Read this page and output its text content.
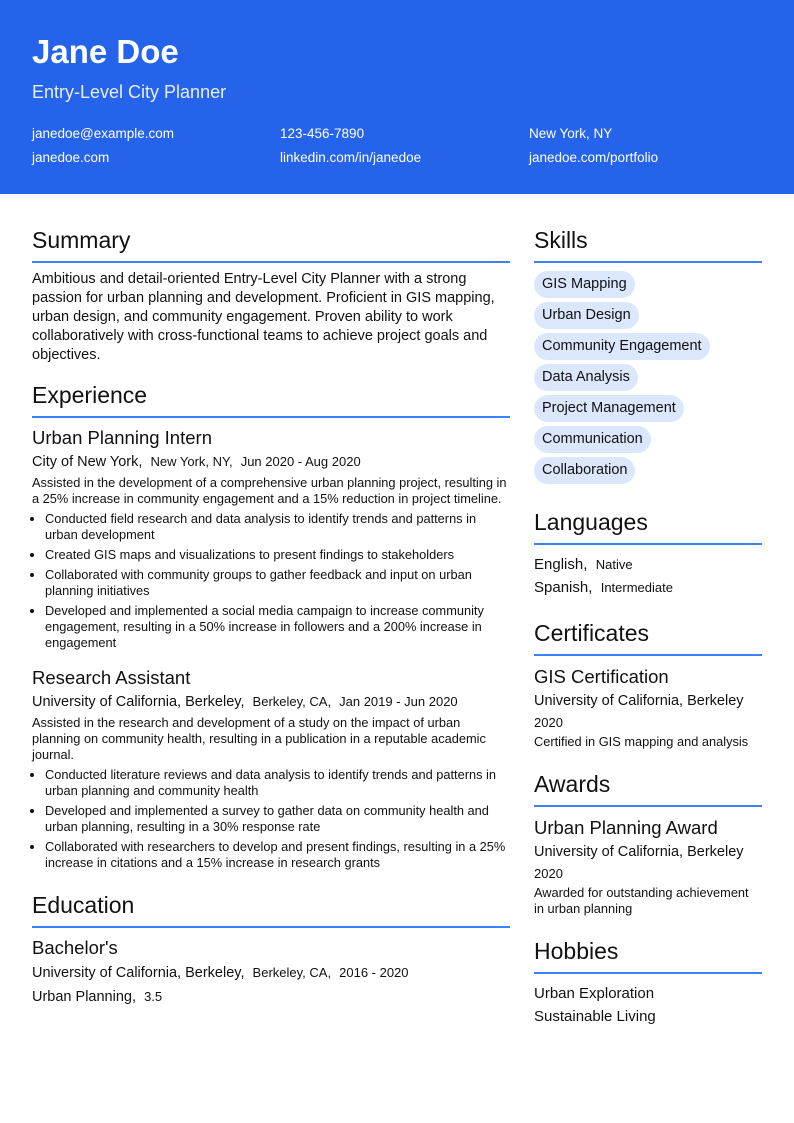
Jane Doe
Entry-Level City Planner
janedoe@example.com	123-456-7890	New York, NY
janedoe.com	linkedin.com/in/janedoe	janedoe.com/portfolio
Summary
Ambitious and detail-oriented Entry-Level City Planner with a strong passion for urban planning and development. Proficient in GIS mapping, urban design, and community engagement. Proven ability to work collaboratively with cross-functional teams to achieve project goals and objectives.
Experience
Urban Planning Intern
City of New York, New York, NY, Jun 2020 - Aug 2020
Assisted in the development of a comprehensive urban planning project, resulting in a 25% increase in community engagement and a 15% reduction in project timeline.
• Conducted field research and data analysis to identify trends and patterns in urban development
• Created GIS maps and visualizations to present findings to stakeholders
• Collaborated with community groups to gather feedback and input on urban planning initiatives
• Developed and implemented a social media campaign to increase community engagement, resulting in a 50% increase in followers and a 200% increase in engagement
Research Assistant
University of California, Berkeley, Berkeley, CA, Jan 2019 - Jun 2020
Assisted in the research and development of a study on the impact of urban planning on community health, resulting in a publication in a reputable academic journal.
• Conducted literature reviews and data analysis to identify trends and patterns in urban planning and community health
• Developed and implemented a survey to gather data on community health and urban planning, resulting in a 30% response rate
• Collaborated with researchers to develop and present findings, resulting in a 25% increase in citations and a 15% increase in research grants
Education
Bachelor's
University of California, Berkeley, Berkeley, CA, 2016 - 2020
Urban Planning, 3.5
Skills
GIS Mapping
Urban Design
Community Engagement
Data Analysis
Project Management
Communication
Collaboration
Languages
English, Native
Spanish, Intermediate
Certificates
GIS Certification
University of California, Berkeley
2020
Certified in GIS mapping and analysis
Awards
Urban Planning Award
University of California, Berkeley
2020
Awarded for outstanding achievement in urban planning
Hobbies
Urban Exploration
Sustainable Living
